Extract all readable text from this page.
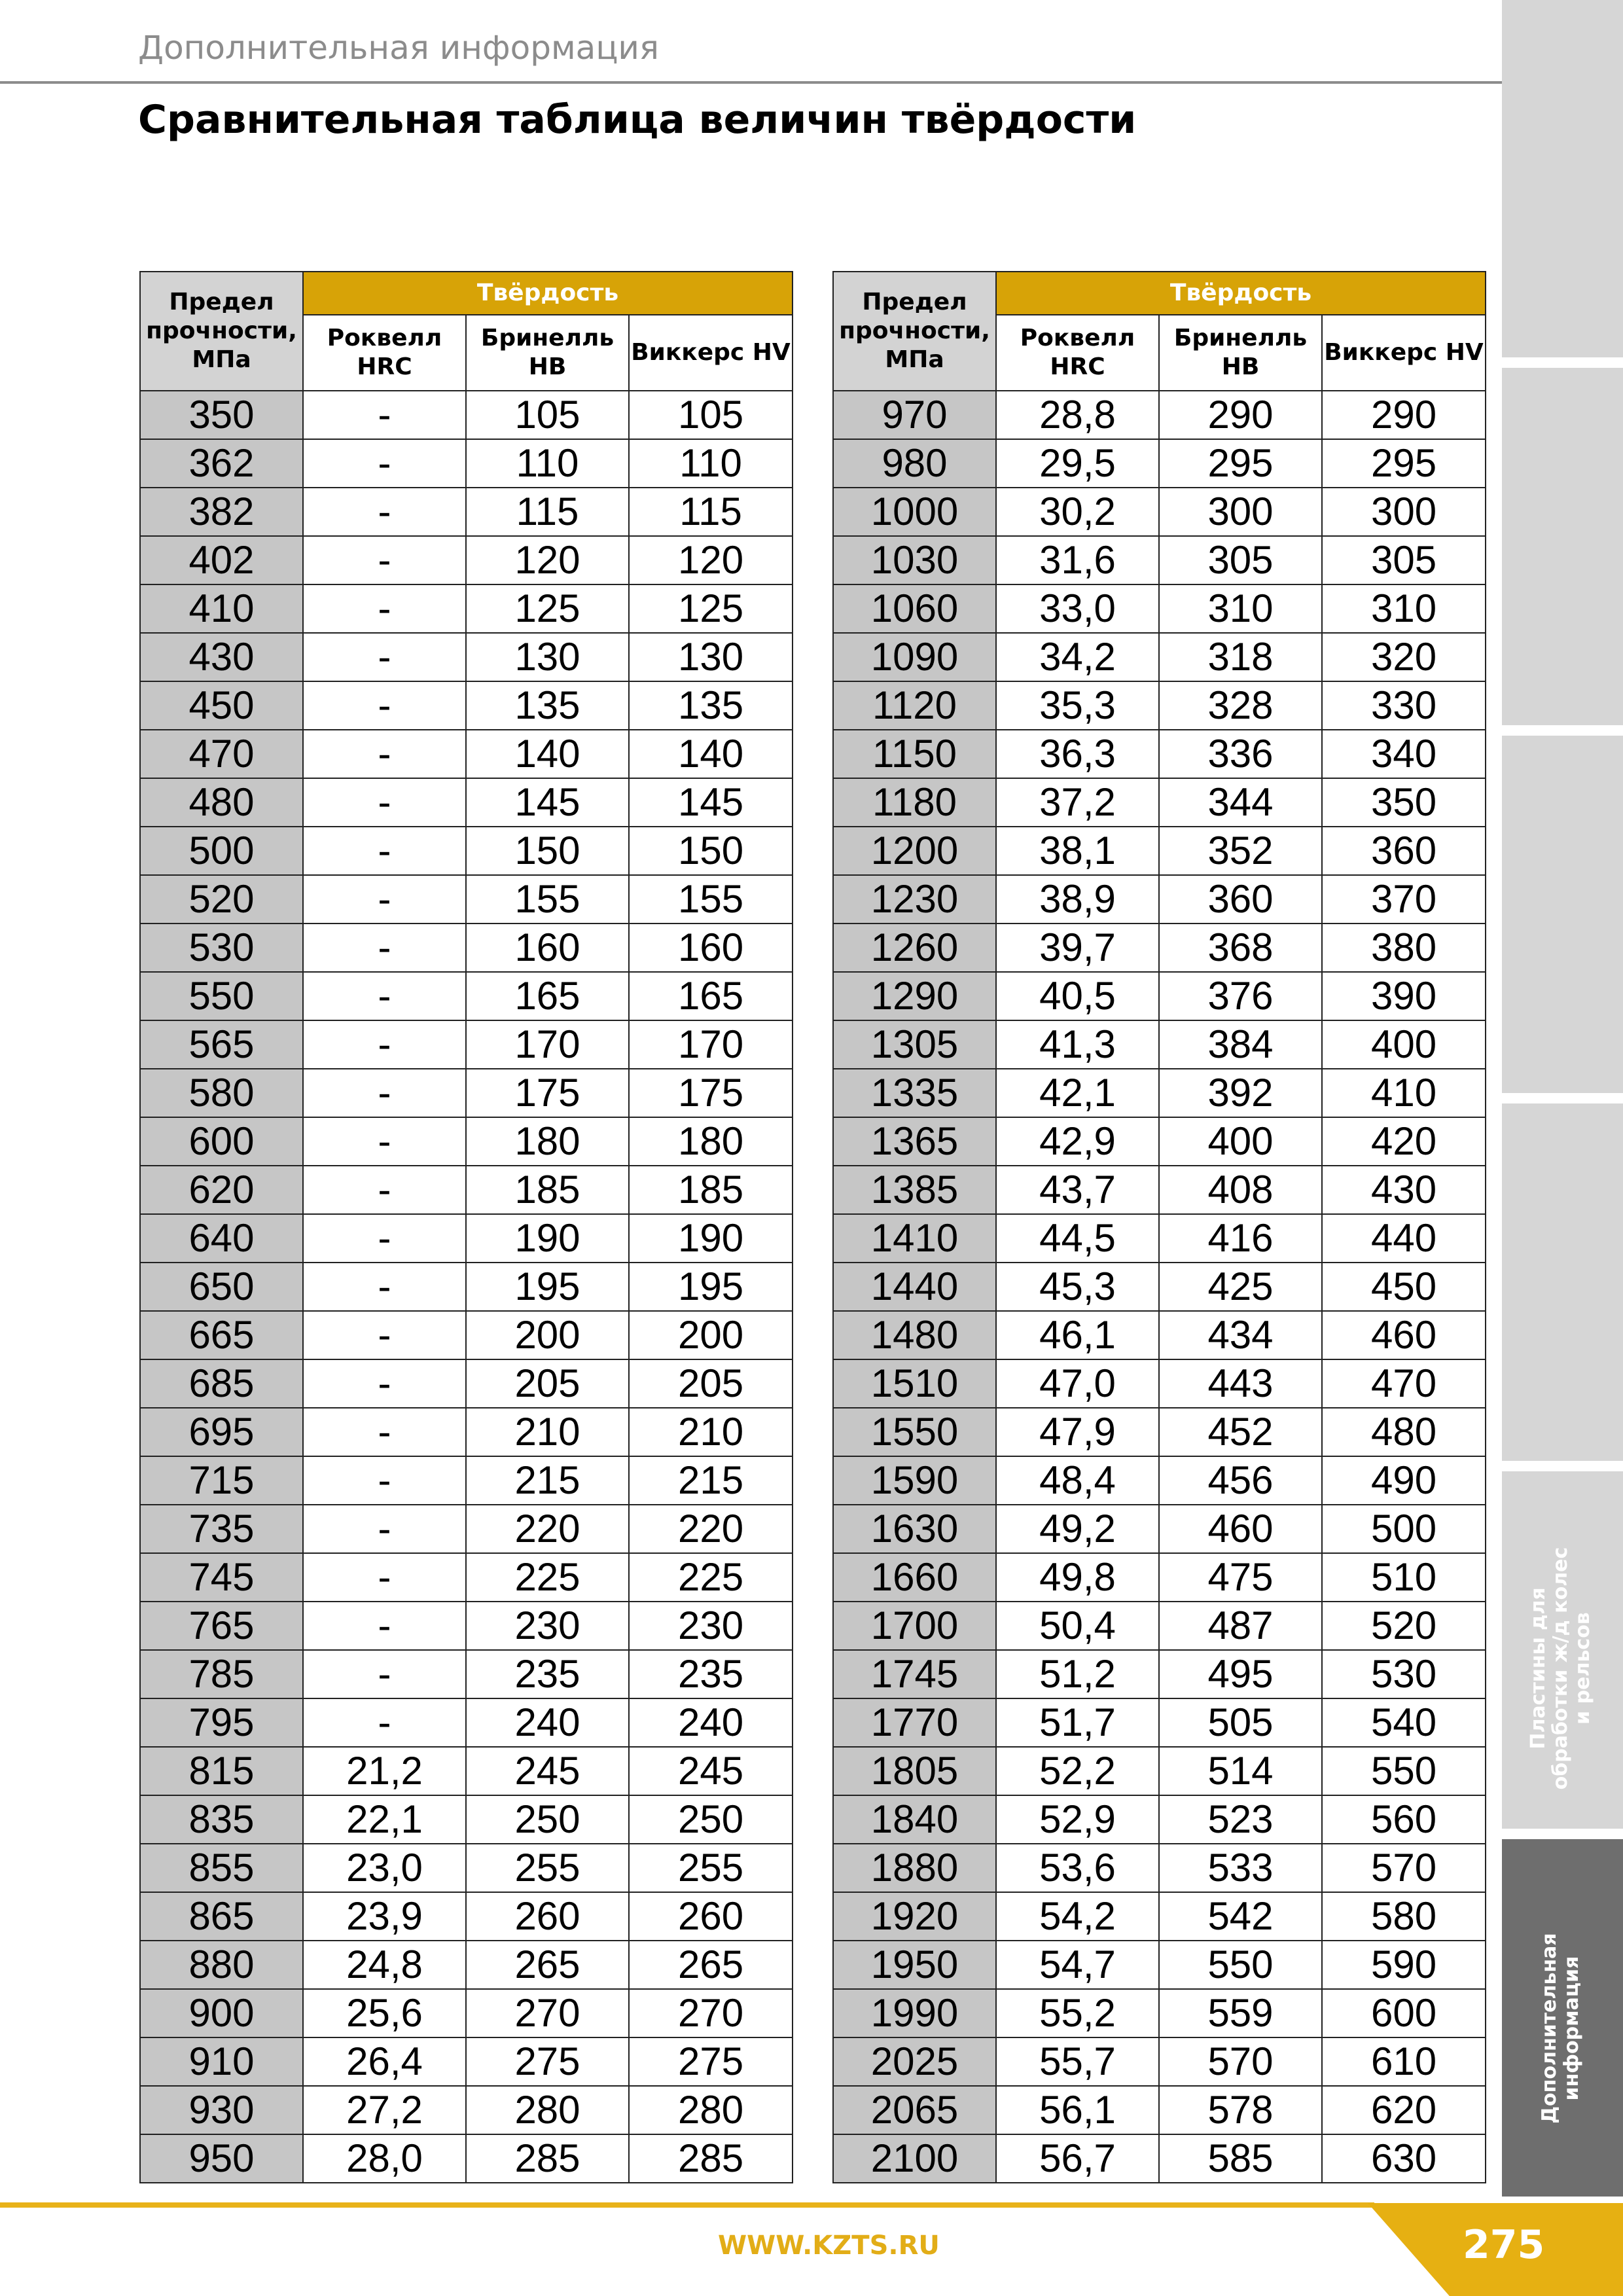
Дополнительная информация
Сравнительная таблица величин твёрдости
Предел прочности, МПа	Твёрдость		
	Роквелл HRC	Бринелль HB	Виккерс HV
350	-	105	105
362	-	110	110
382	-	115	115
402	-	120	120
410	-	125	125
430	-	130	130
450	-	135	135
470	-	140	140
480	-	145	145
500	-	150	150
520	-	155	155
530	-	160	160
550	-	165	165
565	-	170	170
580	-	175	175
600	-	180	180
620	-	185	185
640	-	190	190
650	-	195	195
665	-	200	200
685	-	205	205
695	-	210	210
715	-	215	215
735	-	220	220
745	-	225	225
765	-	230	230
785	-	235	235
795	-	240	240
815	21,2	245	245
835	22,1	250	250
855	23,0	255	255
865	23,9	260	260
880	24,8	265	265
900	25,6	270	270
910	26,4	275	275
930	27,2	280	280
950	28,0	285	285
Предел прочности, МПа	Твёрдость		
	Роквелл HRC	Бринелль HB	Виккерс HV
970	28,8	290	290
980	29,5	295	295
1000	30,2	300	300
1030	31,6	305	305
1060	33,0	310	310
1090	34,2	318	320
1120	35,3	328	330
1150	36,3	336	340
1180	37,2	344	350
1200	38,1	352	360
1230	38,9	360	370
1260	39,7	368	380
1290	40,5	376	390
1305	41,3	384	400
1335	42,1	392	410
1365	42,9	400	420
1385	43,7	408	430
1410	44,5	416	440
1440	45,3	425	450
1480	46,1	434	460
1510	47,0	443	470
1550	47,9	452	480
1590	48,4	456	490
1630	49,2	460	500
1660	49,8	475	510
1700	50,4	487	520
1745	51,2	495	530
1770	51,7	505	540
1805	52,2	514	550
1840	52,9	523	560
1880	53,6	533	570
1920	54,2	542	580
1950	54,7	550	590
1990	55,2	559	600
2025	55,7	570	610
2065	56,1	578	620
2100	56,7	585	630
Пластины для
обработки ж/д колес
и рельсов
Дополнительная
информация
WWW.KZTS.RU	275
